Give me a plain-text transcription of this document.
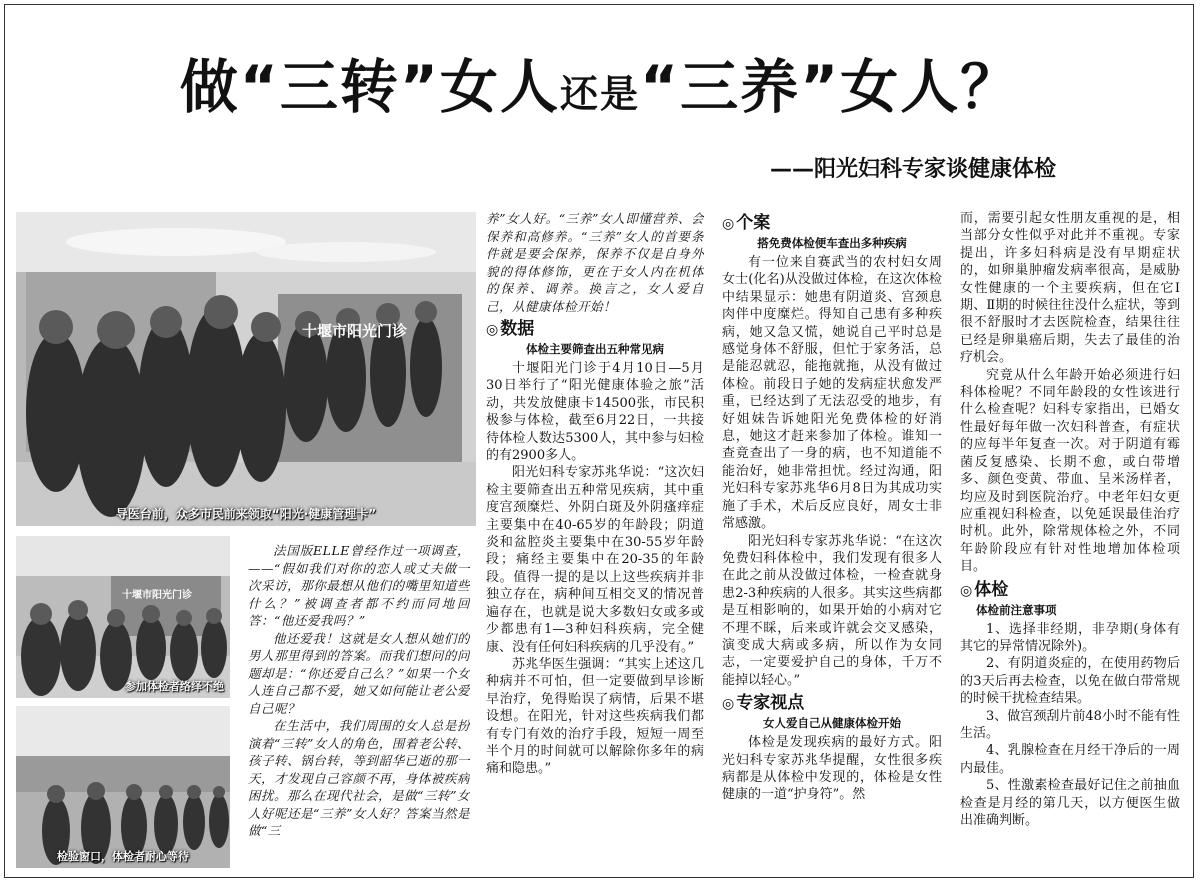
做“三转”女人还是“三养”女人？
——阳光妇科专家谈健康体检
十堰市阳光门诊
导医台前，众多市民前来领取“阳光·健康管理卡”
十堰市阳光门诊
参加体检者络绎不绝
检验窗口，体检者耐心等待

法国版ELLE曾经作过一项调查，——“假如我们对你的恋人或丈夫做一次采访，那你最想从他们的嘴里知道些什么？”被调查者都不约而同地回答：“他还爱我吗？”

他还爱我！这就是女人想从她们的男人那里得到的答案。而我们想问的问题却是：“你还爱自己么？”如果一个女人连自己都不爱，她又如何能让老公爱自己呢？

在生活中，我们周围的女人总是扮演着“三转”女人的角色，围着老公转、孩子转、锅台转，等到韶华已逝的那一天，才发现自己容颜不再，身体被疾病困扰。那么在现代社会，是做“三转”女人好呢还是“三养”女人好？答案当然是做“三

养”女人好。“三养”女人即懂营养、会保养和高修养。“三养”女人的首要条件就是要会保养，保养不仅是自身外貌的得体修饰，更在于女人内在机体的保养、调养。换言之，女人爱自己，从健康体检开始！

◎ 数据
体检主要筛查出五种常见病

十堰阳光门诊于4月10日—5月30日举行了“阳光健康体验之旅”活动，共发放健康卡14500张，市民积极参与体检，截至6月22日，一共接待体检人数达5300人，其中参与妇检的有2900多人。

阳光妇科专家苏兆华说：“这次妇检主要筛查出五种常见疾病，其中重度宫颈糜烂、外阴白斑及外阴瘙痒症主要集中在40-65岁的年龄段；阴道炎和盆腔炎主要集中在30-55岁年龄段；痛经主要集中在20-35的年龄段。值得一提的是以上这些疾病并非独立存在，病种间互相交叉的情况普遍存在，也就是说大多数妇女或多或少都患有1—3种妇科疾病，完全健康、没有任何妇科疾病的几乎没有。”

苏兆华医生强调：“其实上述这几种病并不可怕，但一定要做到早诊断早治疗，免得贻误了病情，后果不堪设想。在阳光，针对这些疾病我们都有专门有效的治疗手段，短短一周至半个月的时间就可以解除你多年的病痛和隐患。”

◎ 个案
搭免费体检便车查出多种疾病

有一位来自赛武当的农村妇女周女士(化名)从没做过体检，在这次体检中结果显示：她患有阴道炎、宫颈息肉伴中度糜烂。得知自己患有多种疾病，她又急又慌，她说自己平时总是感觉身体不舒服，但忙于家务活，总是能忍就忍，能拖就拖，从没有做过体检。前段日子她的发病症状愈发严重，已经达到了无法忍受的地步，有好姐妹告诉她阳光免费体检的好消息，她这才赶来参加了体检。谁知一查竟查出了一身的病，也不知道能不能治好，她非常担忧。经过沟通，阳光妇科专家苏兆华6月8日为其成功实施了手术，术后反应良好，周女士非常感激。

阳光妇科专家苏兆华说：“在这次免费妇科体检中，我们发现有很多人在此之前从没做过体检，一检查就身患2-3种疾病的人很多。其实这些病都是互相影响的，如果开始的小病对它不理不睬，后来或许就会交叉感染，演变成大病或多病，所以作为女同志，一定要爱护自己的身体，千万不能掉以轻心。”

◎ 专家视点
女人爱自己从健康体检开始

体检是发现疾病的最好方式。阳光妇科专家苏兆华提醒，女性很多疾病都是从体检中发现的，体检是女性健康的一道“护身符”。然

而，需要引起女性朋友重视的是，相当部分女性似乎对此并不重视。专家提出，许多妇科病是没有早期症状的，如卵巢肿瘤发病率很高，是威胁女性健康的一个主要疾病，但在它Ⅰ期、Ⅱ期的时候往往没什么症状，等到很不舒服时才去医院检查，结果往往已经是卵巢癌后期，失去了最佳的治疗机会。

究竟从什么年龄开始必须进行妇科体检呢？不同年龄段的女性该进行什么检查呢？妇科专家指出，已婚女性最好每年做一次妇科普查，有症状的应每半年复查一次。对于阴道有霉菌反复感染、长期不愈，或白带增多、颜色变黄、带血、呈米汤样者，均应及时到医院治疗。中老年妇女更应重视妇科检查，以免延误最佳治疗时机。此外，除常规体检之外，不同年龄阶段应有针对性地增加体检项目。

◎ 体检
体检前注意事项

1、选择非经期，非孕期(身体有其它的异常情况除外)。

2、有阴道炎症的，在使用药物后的3天后再去检查，以免在做白带常规的时候干扰检查结果。

3、做宫颈刮片前48小时不能有性生活。

4、乳腺检查在月经干净后的一周内最佳。

5、性激素检查最好记住之前抽血检查是月经的第几天，以方便医生做出准确判断。
